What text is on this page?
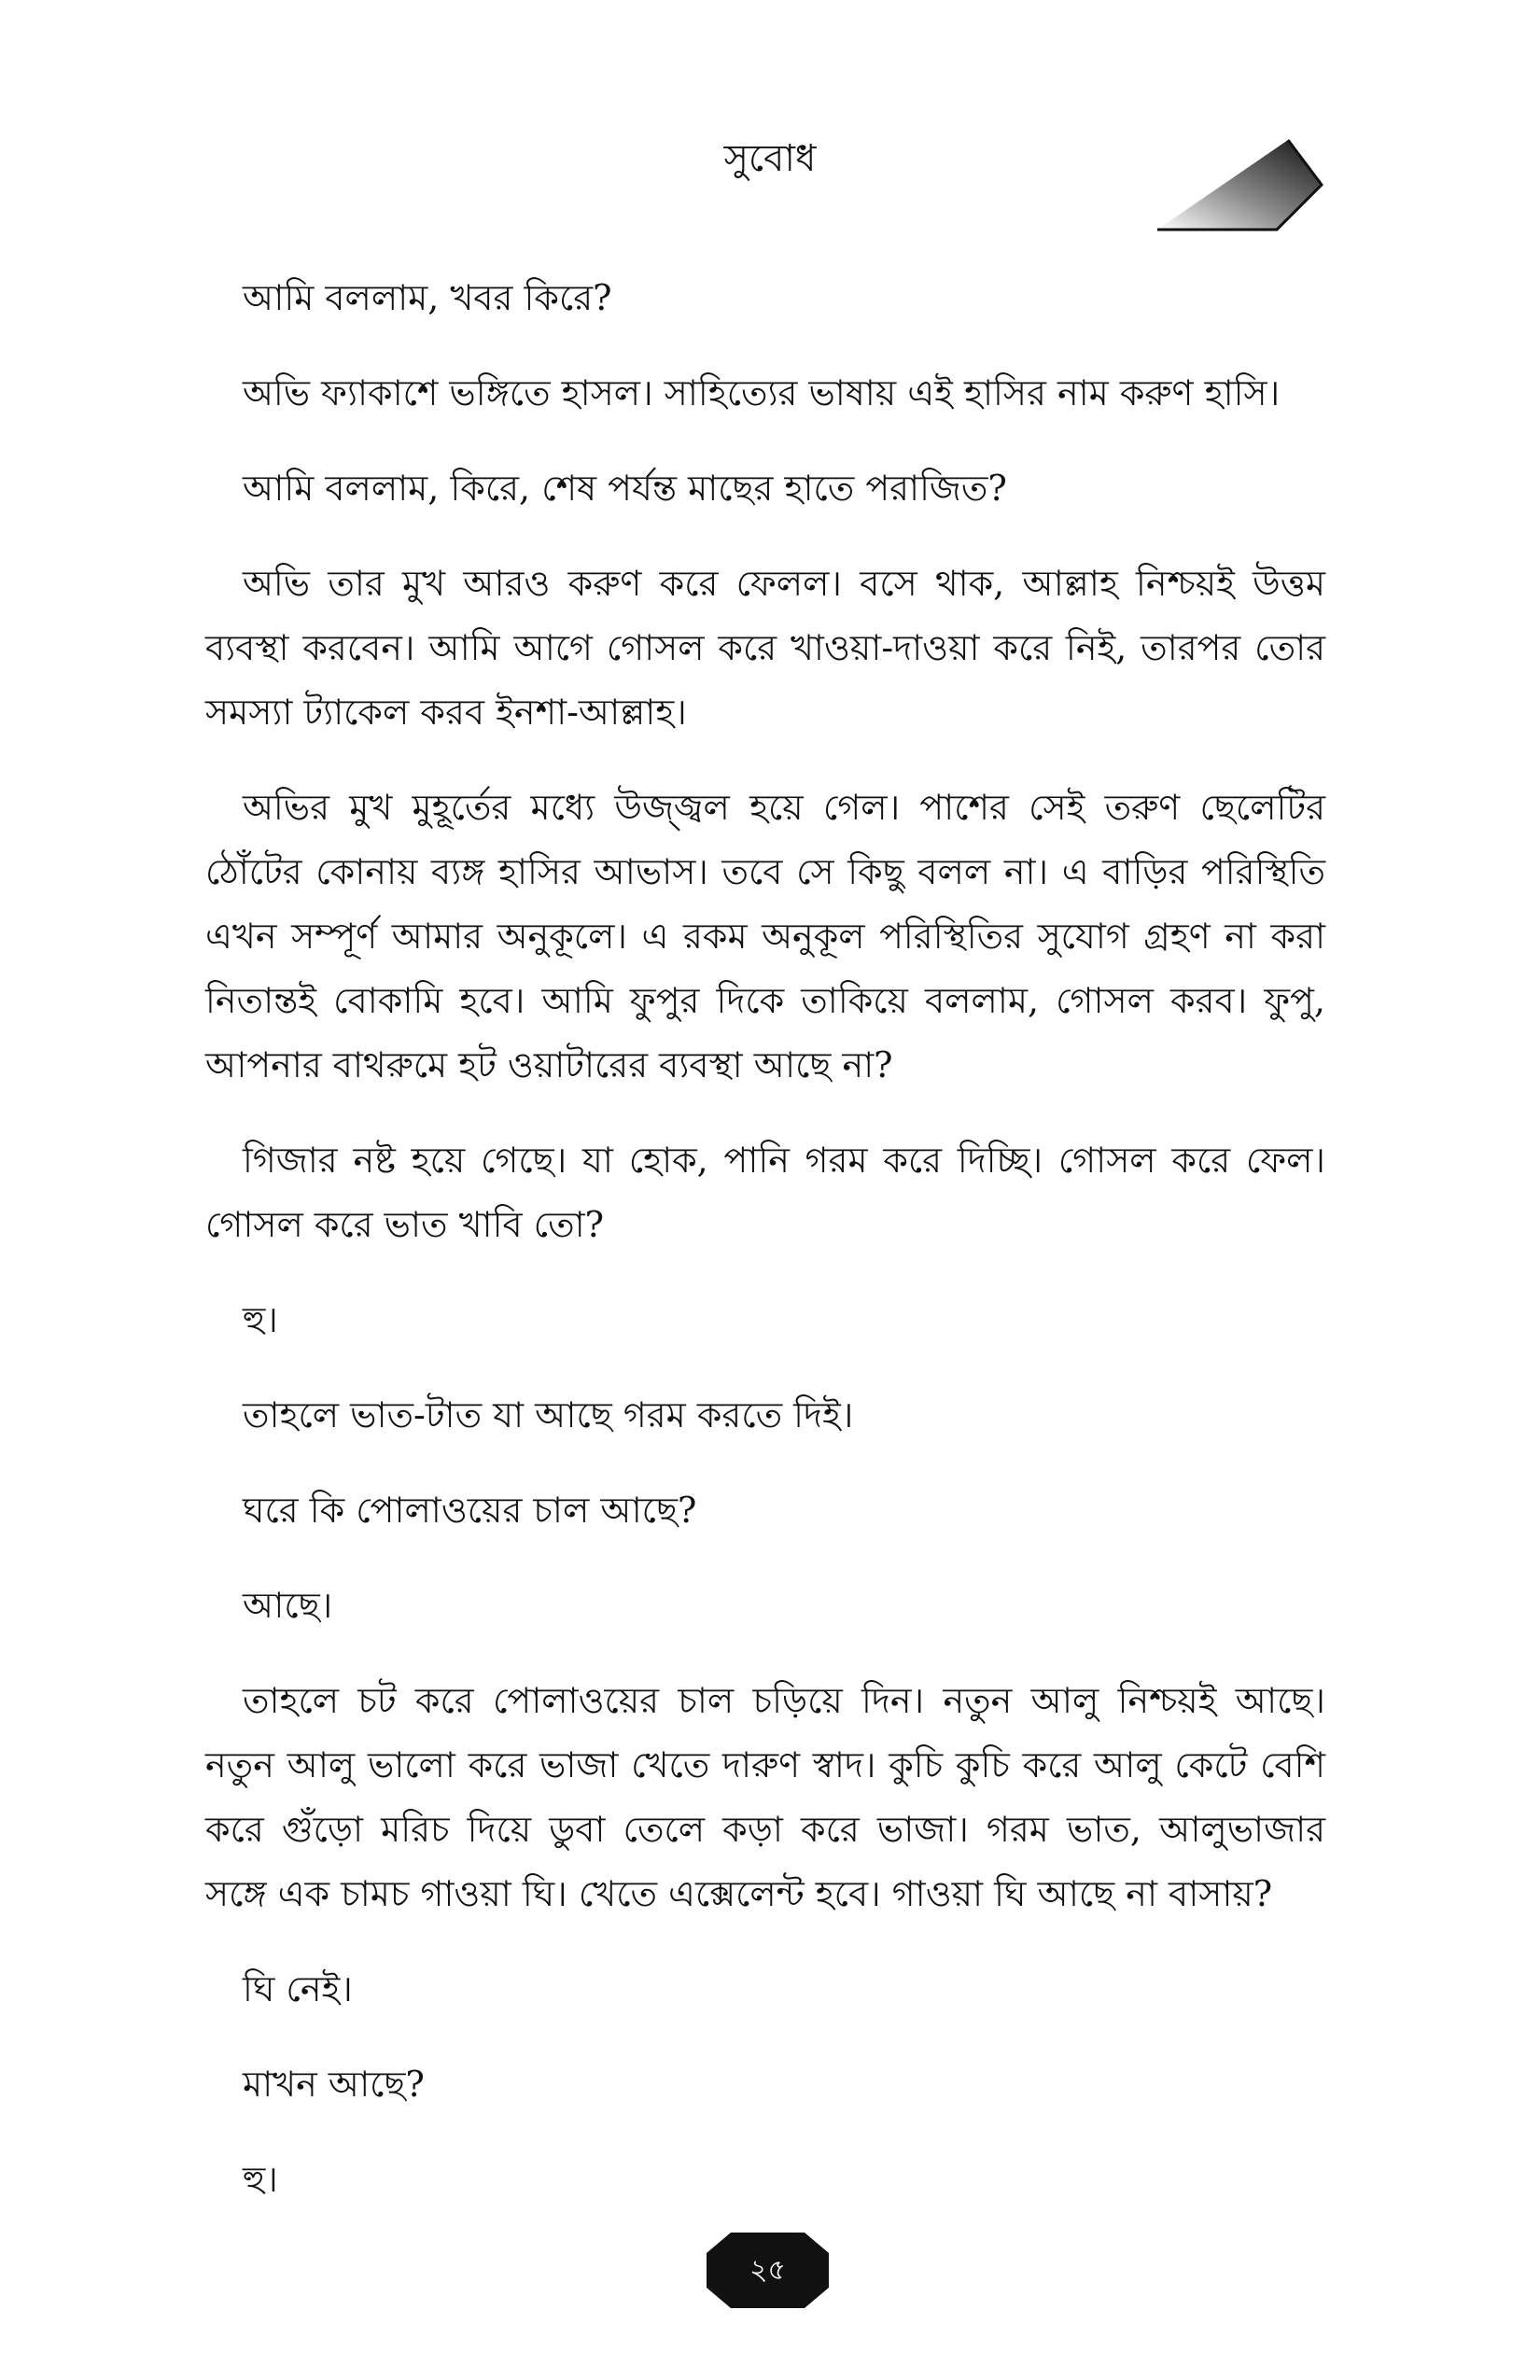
সুবোধ

আমি বললাম, খবর কিরে?

অভি ফ্যাকাশে ভঙ্গিতে হাসল। সাহিত্যের ভাষায় এই হাসির নাম করুণ হাসি।

আমি বললাম, কিরে, শেষ পর্যন্ত মাছের হাতে পরাজিত?

অভি তার মুখ আরও করুণ করে ফেলল। বসে থাক, আল্লাহ নিশ্চয়ই উত্তম ব্যবস্থা করবেন। আমি আগে গোসল করে খাওয়া-দাওয়া করে নিই, তারপর তোর সমস্যা ট্যাকেল করব ইনশা-আল্লাহ।

অভির মুখ মুহূর্তের মধ্যে উজ্জ্বল হয়ে গেল। পাশের সেই তরুণ ছেলেটির ঠোঁটের কোনায় ব্যঙ্গ হাসির আভাস। তবে সে কিছু বলল না। এ বাড়ির পরিস্থিতি এখন সম্পূর্ণ আমার অনুকূলে। এ রকম অনুকূল পরিস্থিতির সুযোগ গ্রহণ না করা নিতান্তই বোকামি হবে। আমি ফুপুর দিকে তাকিয়ে বললাম, গোসল করব। ফুপু, আপনার বাথরুমে হট ওয়াটারের ব্যবস্থা আছে না?

গিজার নষ্ট হয়ে গেছে। যা হোক, পানি গরম করে দিচ্ছি। গোসল করে ফেল। গোসল করে ভাত খাবি তো?

হু।

তাহলে ভাত-টাত যা আছে গরম করতে দিই।

ঘরে কি পোলাওয়ের চাল আছে?

আছে।

তাহলে চট করে পোলাওয়ের চাল চড়িয়ে দিন। নতুন আলু নিশ্চয়ই আছে। নতুন আলু ভালো করে ভাজা খেতে দারুণ স্বাদ। কুচি কুচি করে আলু কেটে বেশি করে গুঁড়ো মরিচ দিয়ে ডুবা তেলে কড়া করে ভাজা। গরম ভাত, আলুভাজার সঙ্গে এক চামচ গাওয়া ঘি। খেতে এক্সেলেন্ট হবে। গাওয়া ঘি আছে না বাসায়?

ঘি নেই।

মাখন আছে?

হু।

২৫
